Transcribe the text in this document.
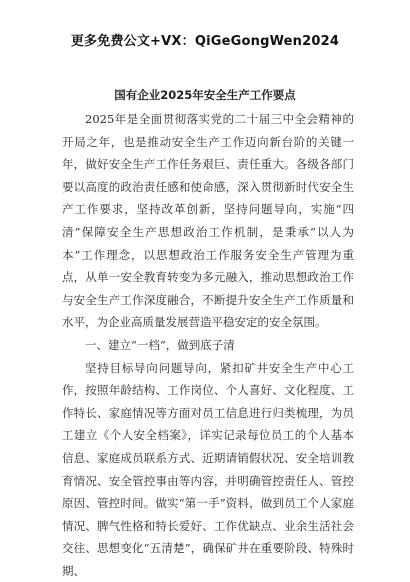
更多免费公文+VX：QiGeGongWen2024
国有企业2025年安全生产工作要点

2025年是全面贯彻落实党的二十届三中全会精神的开局之年，也是推动安全生产工作迈向新台阶的关键一年，做好安全生产工作任务艰巨、责任重大。各级各部门要以高度的政治责任感和使命感，深入贯彻新时代安全生产工作要求，坚持改革创新，坚持问题导向，实施“四清”保障安全生产思想政治工作机制，是秉承“以人为本”工作理念，以思想政治工作服务安全生产管理为重点，从单一安全教育转变为多元融入，推动思想政治工作与安全生产工作深度融合，不断提升安全生产工作质量和水平，为企业高质量发展营造平稳安定的安全氛围。

一、建立“一档”，做到底子清

坚持目标导向问题导向，紧扣矿井安全生产中心工作，按照年龄结构、工作岗位、个人喜好、文化程度、工作特长、家庭情况等方面对员工信息进行归类梳理，为员工建立《个人安全档案》，详实记录每位员工的个人基本信息、家庭成员联系方式、近期请销假状况、安全培训教育情况、安全管控事由等内容，并明确管控责任人、管控原因、管控时间。做实“第一手”资料，做到员工个人家庭情况、脾气性格和特长爱好、工作优缺点、业余生活社会交往、思想变化“五清楚”，确保矿井在重要阶段、特殊时期、
